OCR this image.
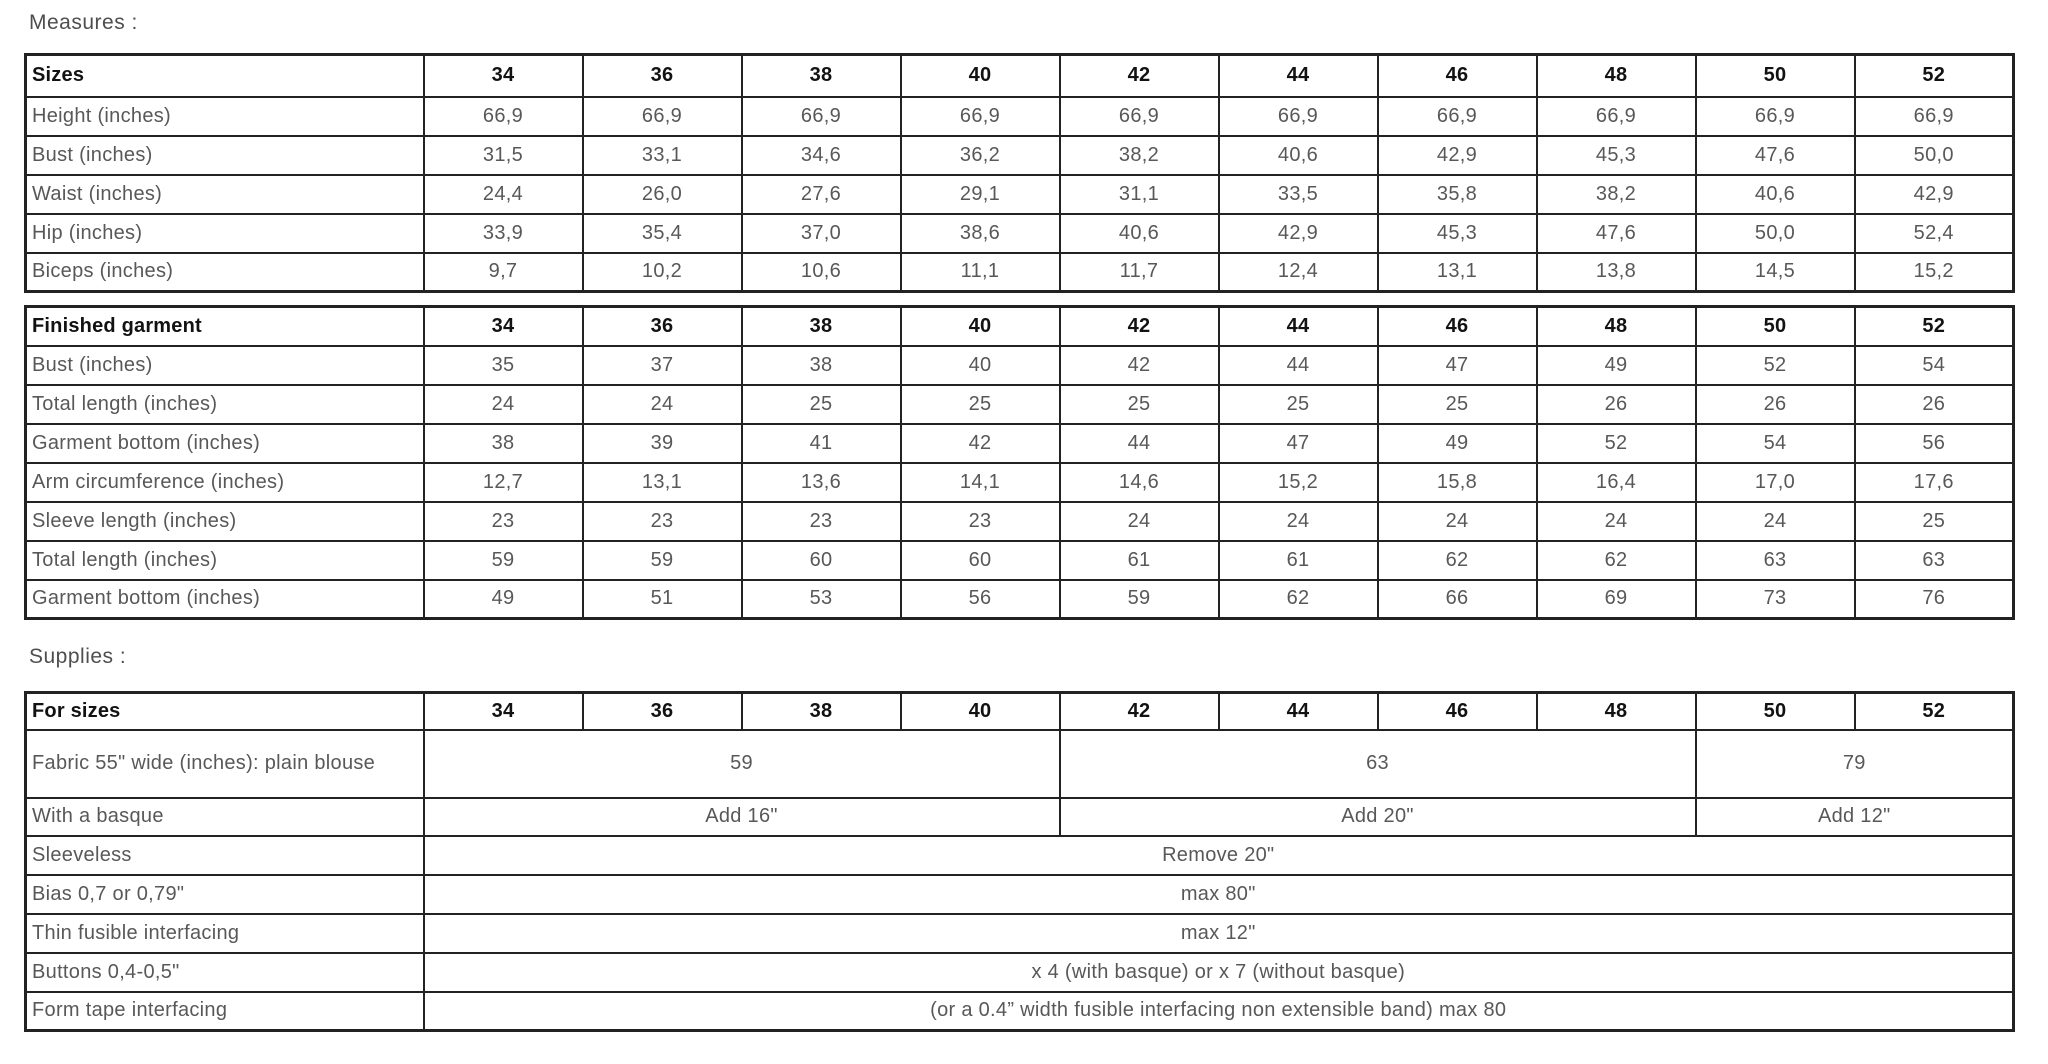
Measures :
Sizes	34	36	38	40	42	44	46	48	50	52
Height (inches)	66,9	66,9	66,9	66,9	66,9	66,9	66,9	66,9	66,9	66,9
Bust (inches)	31,5	33,1	34,6	36,2	38,2	40,6	42,9	45,3	47,6	50,0
Waist (inches)	24,4	26,0	27,6	29,1	31,1	33,5	35,8	38,2	40,6	42,9
Hip (inches)	33,9	35,4	37,0	38,6	40,6	42,9	45,3	47,6	50,0	52,4
Biceps (inches)	9,7	10,2	10,6	11,1	11,7	12,4	13,1	13,8	14,5	15,2
Finished garment	34	36	38	40	42	44	46	48	50	52
Bust (inches)	35	37	38	40	42	44	47	49	52	54
Total length (inches)	24	24	25	25	25	25	25	26	26	26
Garment bottom (inches)	38	39	41	42	44	47	49	52	54	56
Arm circumference (inches)	12,7	13,1	13,6	14,1	14,6	15,2	15,8	16,4	17,0	17,6
Sleeve length (inches)	23	23	23	23	24	24	24	24	24	25
Total length (inches)	59	59	60	60	61	61	62	62	63	63
Garment bottom (inches)	49	51	53	56	59	62	66	69	73	76
Supplies :
For sizes	34	36	38	40	42	44	46	48	50	52
Fabric 55" wide (inches): plain blouse	59				63				79	
With a basque	Add 16"				Add 20"				Add 12"	
Sleeveless	Remove 20"									
Bias 0,7 or 0,79"	max 80"									
Thin fusible interfacing	max 12"									
Buttons 0,4-0,5"	x 4 (with basque) or x 7 (without basque)									
Form tape interfacing	(or a 0.4” width fusible interfacing non extensible band) max 80									
